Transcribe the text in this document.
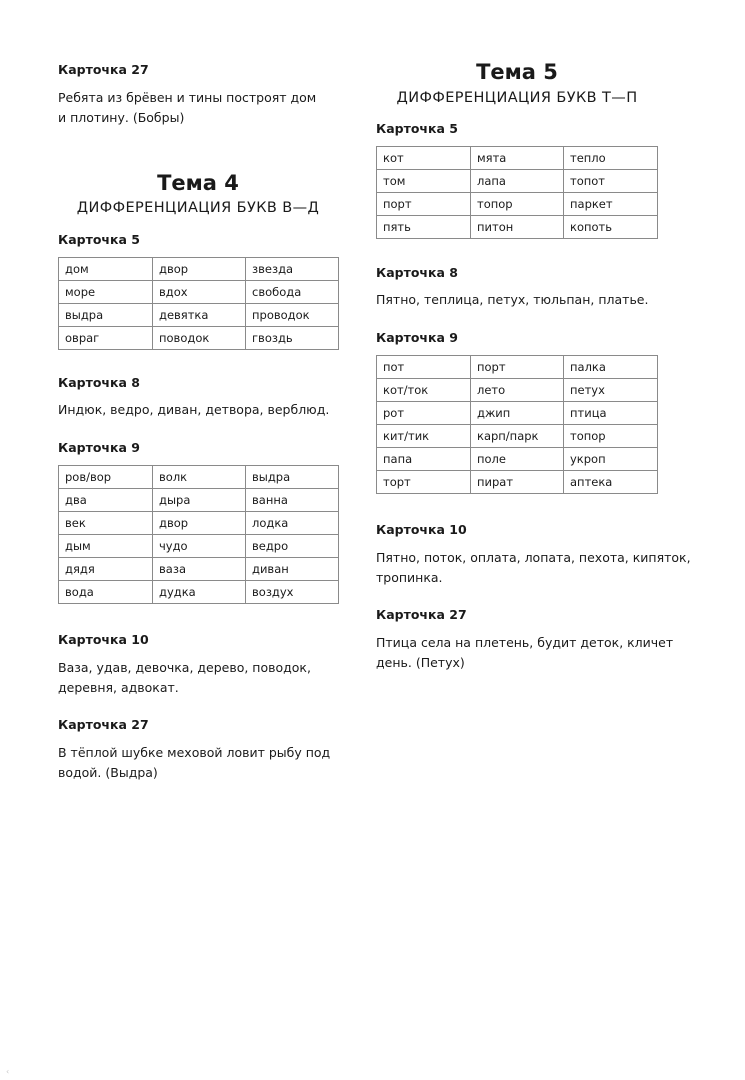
Карточка 27
Ребята из брёвен и тины построят дом
и плотину. (Бобры)
Тема 4
ДИФФЕРЕНЦИАЦИЯ БУКВ В—Д
Карточка 5
дом	двор	звезда
море	вдох	свобода
выдра	девятка	проводок
овраг	поводок	гвоздь
Карточка 8
Индюк, ведро, диван, детвора, верблюд.
Карточка 9
ров/вор	волк	выдра
два	дыра	ванна
век	двор	лодка
дым	чудо	ведро
дядя	ваза	диван
вода	дудка	воздух
Карточка 10
Ваза, удав, девочка, дерево, поводок,
деревня, адвокат.
Карточка 27
В тёплой шубке меховой ловит рыбу под
водой. (Выдра)
Тема 5
ДИФФЕРЕНЦИАЦИЯ БУКВ Т—П
Карточка 5
кот	мята	тепло
том	лапа	топот
порт	топор	паркет
пять	питон	копоть
Карточка 8
Пятно, теплица, петух, тюльпан, платье.
Карточка 9
пот	порт	палка
кот/ток	лето	петух
рот	джип	птица
кит/тик	карп/парк	топор
папа	поле	укроп
торт	пират	аптека
Карточка 10
Пятно, поток, оплата, лопата, пехота, кипяток,
тропинка.
Карточка 27
Птица села на плетень, будит деток, кличет
день. (Петух)
‹
